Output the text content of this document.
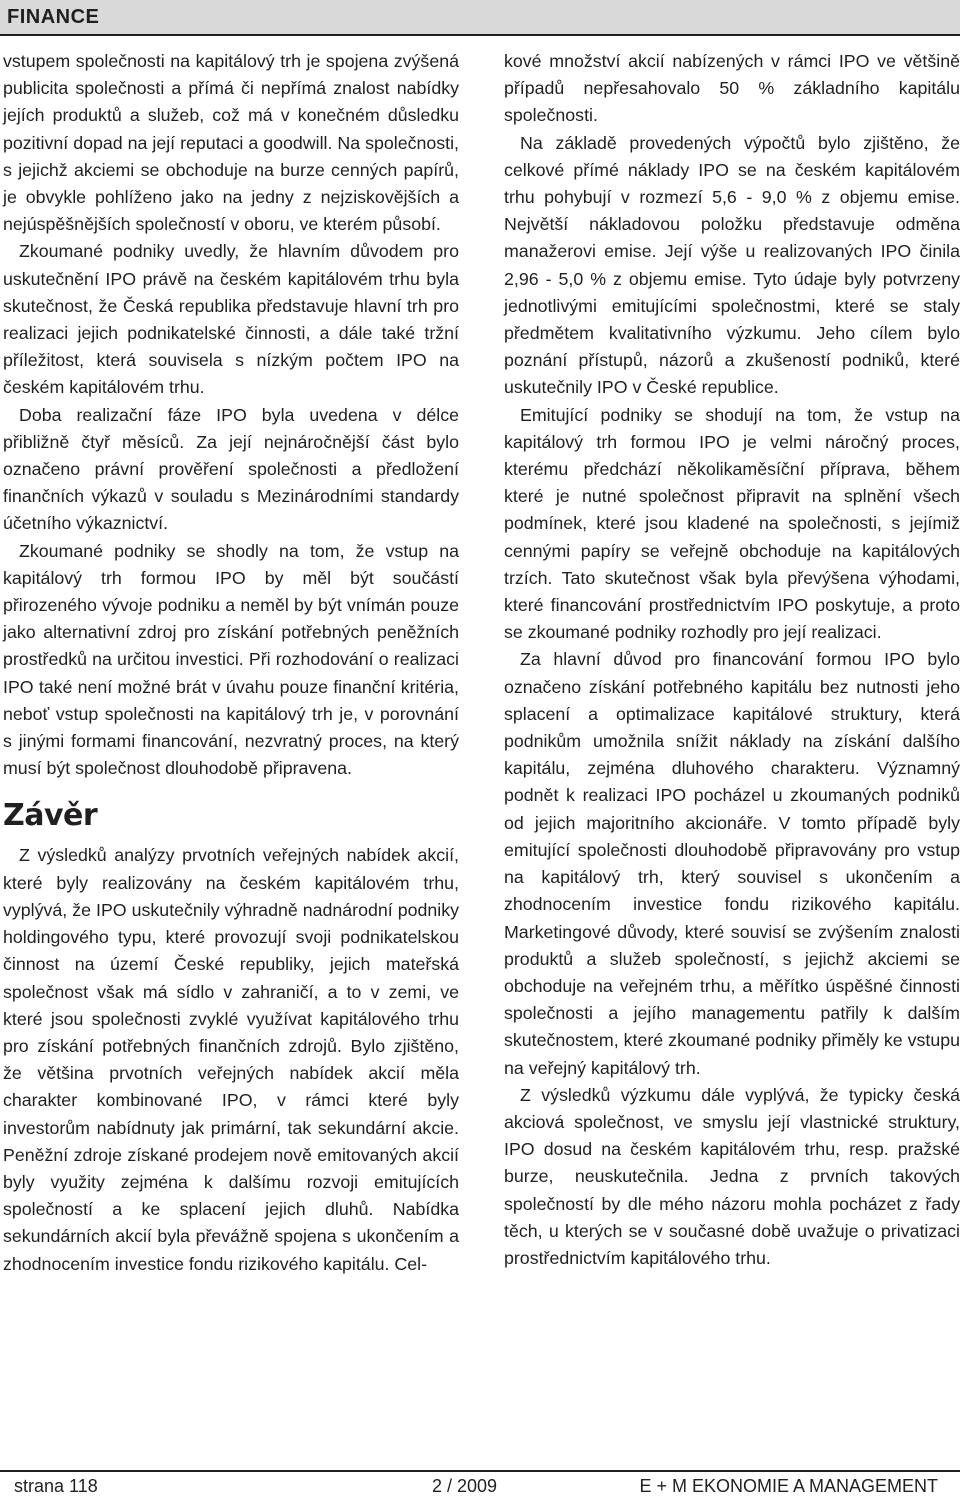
FINANCE

vstupem společnosti na kapitálový trh je spojena zvýšená publicita společnosti a přímá či nepřímá znalost nabídky jejích produktů a služeb, což má v konečném důsledku pozitivní dopad na její reputaci a goodwill. Na společnosti, s jejichž akciemi se obchoduje na burze cenných papírů, je obvykle pohlíženo jako na jedny z nejziskovějších a nejúspěšnějších společností v oboru, ve kterém působí.

Zkoumané podniky uvedly, že hlavním důvodem pro uskutečnění IPO právě na českém kapitálovém trhu byla skutečnost, že Česká republika představuje hlavní trh pro realizaci jejich podnikatelské činnosti, a dále také tržní příležitost, která souvisela s nízkým počtem IPO na českém kapitálovém trhu.

Doba realizační fáze IPO byla uvedena v délce přibližně čtyř měsíců. Za její nejnáročnější část bylo označeno právní prověření společnosti a předložení finančních výkazů v souladu s Mezinárodními standardy účetního výkaznictví.

Zkoumané podniky se shodly na tom, že vstup na kapitálový trh formou IPO by měl být součástí přirozeného vývoje podniku a neměl by být vnímán pouze jako alternativní zdroj pro získání potřebných peněžních prostředků na určitou investici. Při rozhodování o realizaci IPO také není možné brát v úvahu pouze finanční kritéria, neboť vstup společnosti na kapitálový trh je, v porovnání s jinými formami financování, nezvratný proces, na který musí být společnost dlouhodobě připravena.

Závěr

Z výsledků analýzy prvotních veřejných nabídek akcií, které byly realizovány na českém kapitálovém trhu, vyplývá, že IPO uskutečnily výhradně nadnárodní podniky holdingového typu, které provozují svoji podnikatelskou činnost na území České republiky, jejich mateřská společnost však má sídlo v zahraničí, a to v zemi, ve které jsou společnosti zvyklé využívat kapitálového trhu pro získání potřebných finančních zdrojů. Bylo zjištěno, že většina prvotních veřejných nabídek akcií měla charakter kombinované IPO, v rámci které byly investorům nabídnuty jak primární, tak sekundární akcie. Peněžní zdroje získané prodejem nově emitovaných akcií byly využity zejména k dalšímu rozvoji emitujících společností a ke splacení jejich dluhů. Nabídka sekundárních akcií byla převážně spojena s ukončením a zhodnocením investice fondu rizikového kapitálu. Cel-

kové množství akcií nabízených v rámci IPO ve většině případů nepřesahovalo 50 % základního kapitálu společnosti.

Na základě provedených výpočtů bylo zjištěno, že celkové přímé náklady IPO se na českém kapitálovém trhu pohybují v rozmezí 5,6 - 9,0 % z objemu emise. Největší nákladovou položku představuje odměna manažerovi emise. Její výše u realizovaných IPO činila 2,96 - 5,0 % z objemu emise. Tyto údaje byly potvrzeny jednotlivými emitujícími společnostmi, které se staly předmětem kvalitativního výzkumu. Jeho cílem bylo poznání přístupů, názorů a zkušeností podniků, které uskutečnily IPO v České republice.

Emitující podniky se shodují na tom, že vstup na kapitálový trh formou IPO je velmi náročný proces, kterému předchází několikaměsíční příprava, během které je nutné společnost připravit na splnění všech podmínek, které jsou kladené na společnosti, s jejímiž cennými papíry se veřejně obchoduje na kapitálových trzích. Tato skutečnost však byla převýšena výhodami, které financování prostřednictvím IPO poskytuje, a proto se zkoumané podniky rozhodly pro její realizaci.

Za hlavní důvod pro financování formou IPO bylo označeno získání potřebného kapitálu bez nutnosti jeho splacení a optimalizace kapitálové struktury, která podnikům umožnila snížit náklady na získání dalšího kapitálu, zejména dluhového charakteru. Významný podnět k realizaci IPO pocházel u zkoumaných podniků od jejich majoritního akcionáře. V tomto případě byly emitující společnosti dlouhodobě připravovány pro vstup na kapitálový trh, který souvisel s ukončením a zhodnocením investice fondu rizikového kapitálu. Marketingové důvody, které souvisí se zvýšením znalosti produktů a služeb společností, s jejichž akciemi se obchoduje na veřejném trhu, a měřítko úspěšné činnosti společnosti a jejího managementu patřily k dalším skutečnostem, které zkoumané podniky přiměly ke vstupu na veřejný kapitálový trh.

Z výsledků výzkumu dále vyplývá, že typicky česká akciová společnost, ve smyslu její vlastnické struktury, IPO dosud na českém kapitálovém trhu, resp. pražské burze, neuskutečnila. Jedna z prvních takových společností by dle mého názoru mohla pocházet z řady těch, u kterých se v současné době uvažuje o privatizaci prostřednictvím kapitálového trhu.

strana 118	2 / 2009	E + M EKONOMIE A MANAGEMENT
